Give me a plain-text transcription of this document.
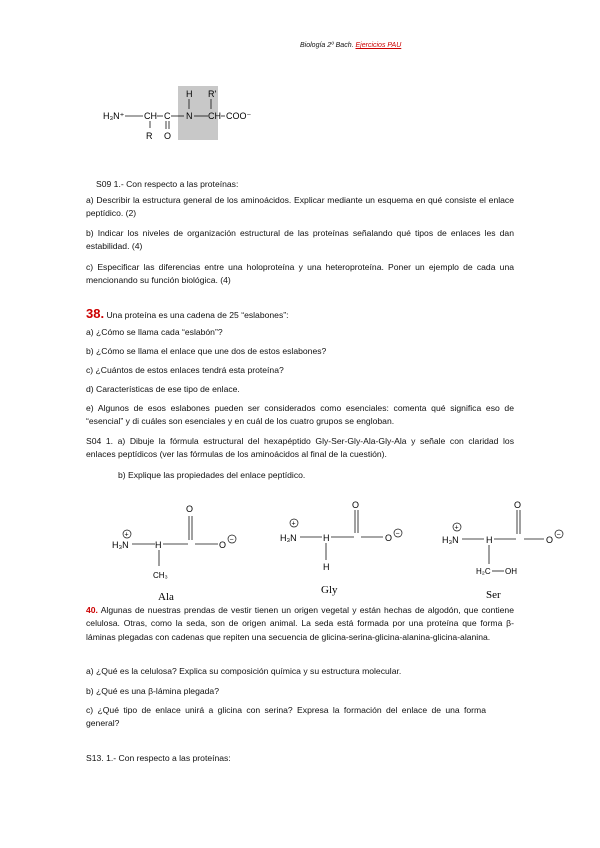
Biología 2º Bach. Ejercicios PAU
H₃N⁺ CH C N CH COO⁻
H R'
R O
S09 1.- Con respecto a las proteínas:
a) Describir la estructura general de los aminoácidos. Explicar mediante un esquema en qué consiste el enlace peptídico. (2)
b) Indicar los niveles de organización estructural de las proteínas señalando qué tipos de enlaces les dan estabilidad. (4)
c) Especificar las diferencias entre una holoproteína y una heteroproteína. Poner un ejemplo de cada una mencionando su función biológica. (4)
38. Una proteína es una cadena de 25 “eslabones”:
a) ¿Cómo se llama cada “eslabón”?
b) ¿Cómo se llama el enlace que une dos de estos eslabones?
c) ¿Cuántos de estos enlaces tendrá esta proteína?
d) Características de ese tipo de enlace.
e) Algunos de esos eslabones pueden ser considerados como esenciales: comenta qué significa eso de “esencial” y di cuáles son esenciales y en cuál de los cuatro grupos se engloban.
S04 1. a) Dibuje la fórmula estructural del hexapéptido Gly-Ser-Gly-Ala-Gly-Ala y señale con claridad los enlaces peptídicos (ver las fórmulas de los aminoácidos al final de la cuestión).
b) Explique las propiedades del enlace peptídico.
+
H₃N	H
O
O −
CH₃
Ala
+
H₃N	H
O
O −
H
Gly
+
H₃N	H
O
O −
H₂C OH
Ser
40. Algunas de nuestras prendas de vestir tienen un origen vegetal y están hechas de algodón, que contiene celulosa. Otras, como la seda, son de origen animal. La seda está formada por una proteína que forma β-láminas plegadas con cadenas que repiten una secuencia de glicina-serina-glicina-alanina-glicina-alanina.
a) ¿Qué es la celulosa? Explica su composición química y su estructura molecular.
b) ¿Qué es una β-lámina plegada?
c) ¿Qué tipo de enlace unirá a glicina con serina? Expresa la formación del enlace de una forma general?
S13. 1.- Con respecto a las proteínas:
